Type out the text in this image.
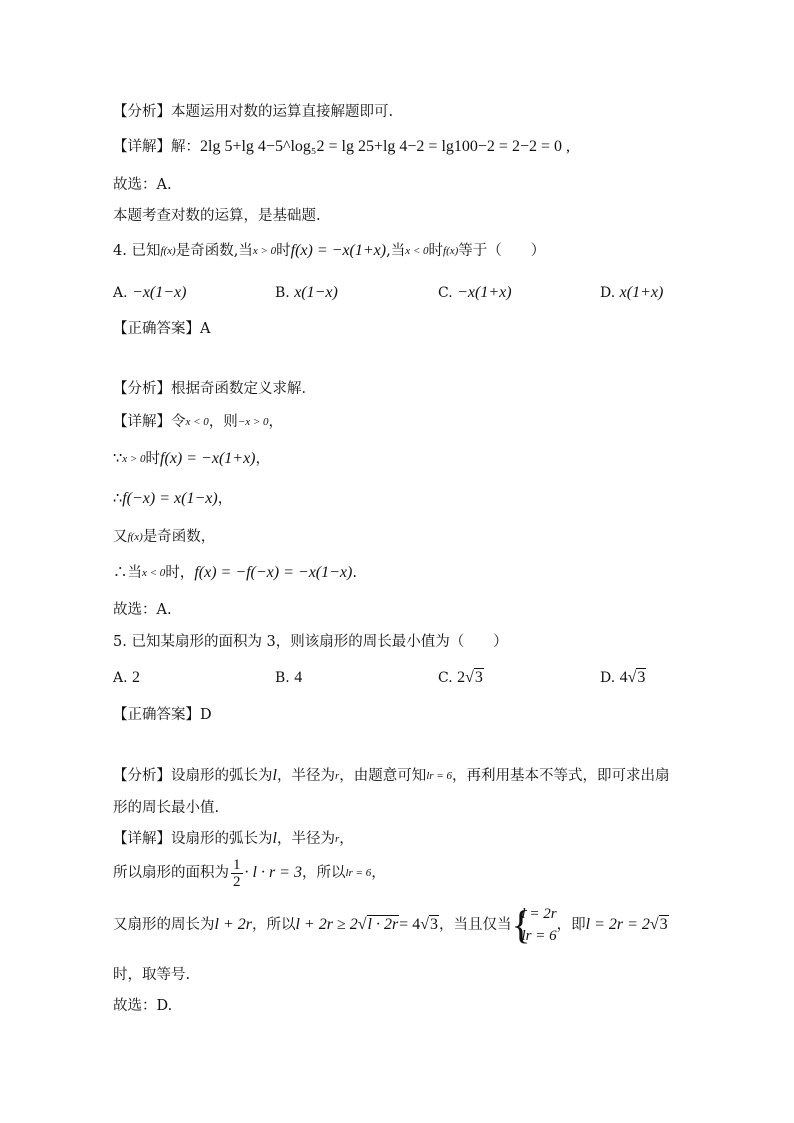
【分析】本题运用对数的运算直接解题即可.
【详解】解：2lg 5+lg 4−5^log₅2 = lg 25+lg 4−2 = lg100−2 = 2−2 = 0 ,
故选：A.
本题考查对数的运算，是基础题.
4. 已知f(x)是奇函数,当x > 0时f(x) = −x(1+x),当x < 0时f(x)等于（　　）
A. −x(1−x)	B. x(1−x)	C. −x(1+x)	D. x(1+x)
【正确答案】A
【分析】根据奇函数定义求解．
【详解】令x < 0，则−x > 0，
∵x > 0时f(x) = −x(1+x)，
∴f(−x) = x(1−x)，
又f(x)是奇函数，
∴当x < 0时，f(x) = −f(−x) = −x(1−x).
故选：A.
5. 已知某扇形的面积为 3，则该扇形的周长最小值为（　　）
A. 2	B. 4	C. 2√3	D. 4√3
【正确答案】D
【分析】设扇形的弧长为l，半径为r，由题意可知lr = 6，再利用基本不等式，即可求出扇
形的周长最小值.
【详解】设扇形的弧长为l，半径为r，
所以扇形的面积为 $\frac{1}{2} \cdot l \cdot r = 3$，所以lr = 6，
又扇形的周长为l + 2r，所以l + 2r ≥ 2√l · 2r= 4√3，当且仅当 {
l = 2r
lr = 6
，即l = 2r = 2√3
时，取等号.
故选：D.
